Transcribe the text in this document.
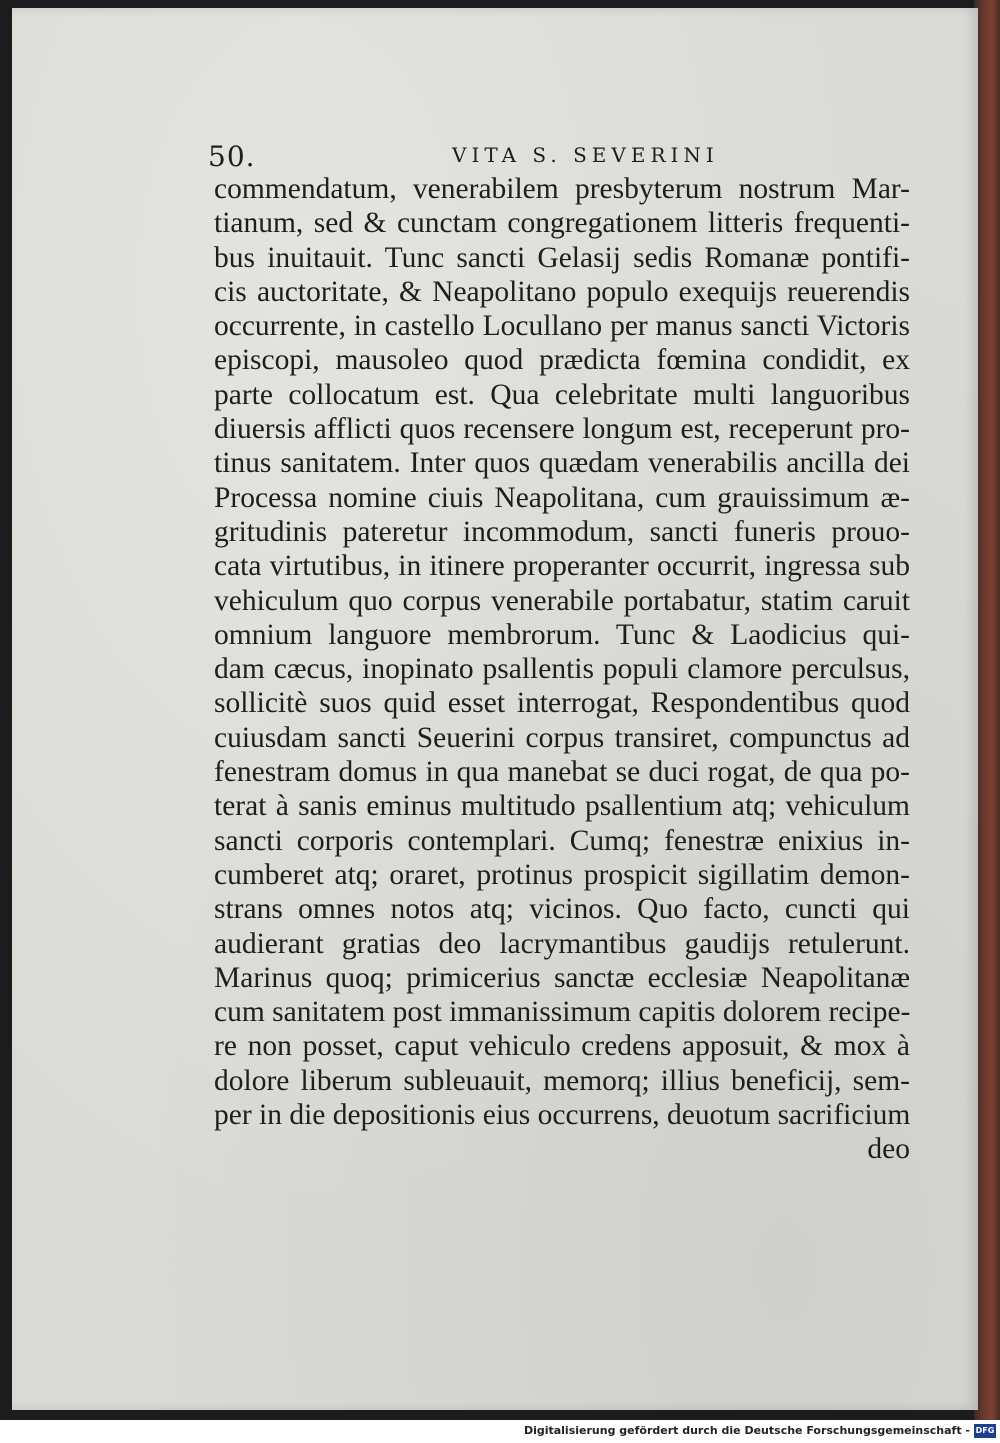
50.	VITA S. SEVERINI
commendatum, venerabilem presbyterum nostrum Mar-
tianum, sed & cunctam congregationem litteris frequenti-
bus inuitauit. Tunc sancti Gelasij sedis Romanæ pontifi-
cis auctoritate, & Neapolitano populo exequijs reuerendis
occurrente, in castello Locullano per manus sancti Victoris
episcopi, mausoleo quod prædicta fœmina condidit, ex
parte collocatum est. Qua celebritate multi languoribus
diuersis afflicti quos recensere longum est, receperunt pro-
tinus sanitatem. Inter quos quædam venerabilis ancilla dei
Processa nomine ciuis Neapolitana, cum grauissimum æ-
gritudinis pateretur incommodum, sancti funeris prouo-
cata virtutibus, in itinere properanter occurrit, ingressa sub
vehiculum quo corpus venerabile portabatur, statim caruit
omnium languore membrorum. Tunc & Laodicius qui-
dam cæcus, inopinato psallentis populi clamore perculsus,
sollicitè suos quid esset interrogat, Respondentibus quod
cuiusdam sancti Seuerini corpus transiret, compunctus ad
fenestram domus in qua manebat se duci rogat, de qua po-
terat à sanis eminus multitudo psallentium atq; vehiculum
sancti corporis contemplari. Cumq; fenestræ enixius in-
cumberet atq; oraret, protinus prospicit sigillatim demon-
strans omnes notos atq; vicinos. Quo facto, cuncti qui
audierant gratias deo lacrymantibus gaudijs retulerunt.
Marinus quoq; primicerius sanctæ ecclesiæ Neapolitanæ
cum sanitatem post immanissimum capitis dolorem recipe-
re non posset, caput vehiculo credens apposuit, & mox à
dolore liberum subleuauit, memorq; illius beneficij, sem-
per in die depositionis eius occurrens, deuotum sacrificium
deo
Digitalisierung gefördert durch die Deutsche Forschungsgemeinschaft - DFG
